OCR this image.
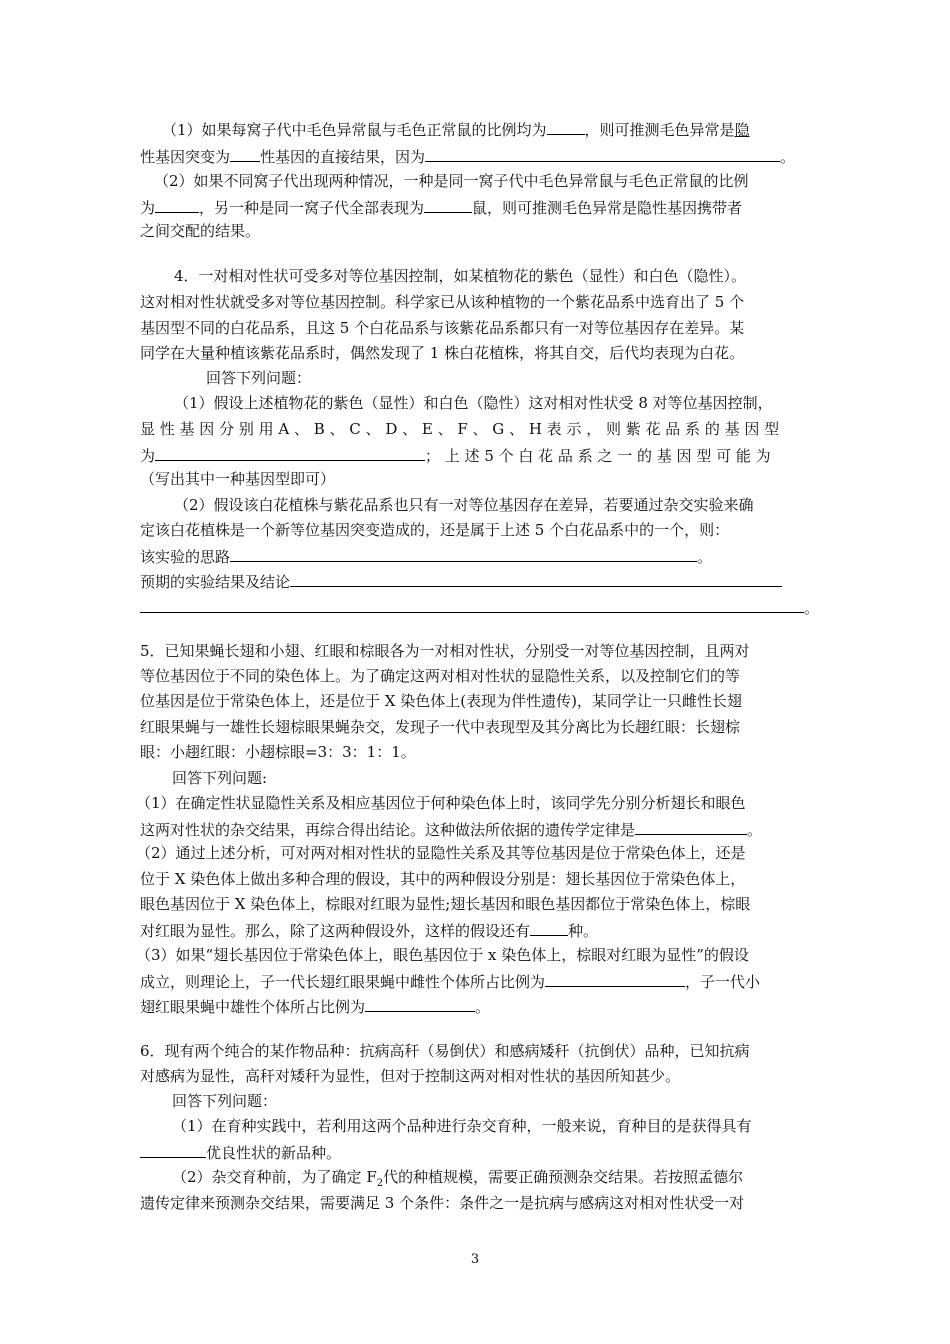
（1）如果每窝子代中毛色异常鼠与毛色正常鼠的比例均为	，则可推测毛色异常是隐
性基因突变为 性基因的直接结果，因为	。
（2）如果不同窝子代出现两种情况，一种是同一窝子代中毛色异常鼠与毛色正常鼠的比例
为	，另一种是同一窝子代全部表现为	鼠，则可推测毛色异常是隐性基因携带者
之间交配的结果。
4．一对相对性状可受多对等位基因控制，如某植物花的紫色（显性）和白色（隐性）。
这对相对性状就受多对等位基因控制。科学家已从该种植物的一个紫花品系中选育出了 5 个
基因型不同的白花品系，且这 5 个白花品系与该紫花品系都只有一对等位基因存在差异。某
同学在大量种植该紫花品系时，偶然发现了 1 株白花植株，将其自交，后代均表现为白花。
回答下列问题：
（1）假设上述植物花的紫色（显性）和白色（隐性）这对相对性状受 8 对等位基因控制，
显 性 基 因 分 别 用 A 、 B 、 C 、 D 、 E 、 F 、 G 、 H 表 示 ， 则 紫 花 品 系 的 基 因 型
为	； 上 述 5 个 白 花 品 系 之 一 的 基 因 型 可 能 为
（写出其中一种基因型即可）
（2）假设该白花植株与紫花品系也只有一对等位基因存在差异，若要通过杂交实验来确
定该白花植株是一个新等位基因突变造成的，还是属于上述 5 个白花品系中的一个，则：
该实验的思路	。
预期的实验结果及结论
。
5．已知果蝇长翅和小翅、红眼和棕眼各为一对相对性状，分别受一对等位基因控制，且两对
等位基因位于不同的染色体上。为了确定这两对相对性状的显隐性关系，以及控制它们的等
位基因是位于常染色体上，还是位于 X 染色体上(表现为伴性遗传)，某同学让一只雌性长翅
红眼果蝇与一雄性长翅棕眼果蝇杂交，发现子一代中表现型及其分离比为长趐红眼：长翅棕
眼：小趐红眼：小趐棕眼=3：3：1：1。
回答下列问题:
（1）在确定性状显隐性关系及相应基因位于何种染色体上时，该同学先分别分析翅长和眼色
这两对性状的杂交结果，再综合得出结论。这种做法所依据的遗传学定律是	。
（2）通过上述分析，可对两对相对性状的显隐性关系及其等位基因是位于常染色体上，还是
位于 X 染色体上做出多种合理的假设，其中的两种假设分别是：翅长基因位于常染色体上，
眼色基因位于 X 染色体上，棕眼对红眼为显性;翅长基因和眼色基因都位于常染色体上，棕眼
对红眼为显性。那么，除了这两种假设外，这样的假设还有	种。
（3）如果“翅长基因位于常染色体上，眼色基因位于 x 染色体上，棕眼对红眼为显性”的假设
成立，则理论上，子一代长翅红眼果蝇中雌性个体所占比例为	，子一代小
翅红眼果蝇中雄性个体所占比例为	。
6．现有两个纯合的某作物品种：抗病高秆（易倒伏）和感病矮秆（抗倒伏）品种，已知抗病
对感病为显性，高秆对矮秆为显性，但对于控制这两对相对性状的基因所知甚少。
回答下列问题：
（1）在育种实践中，若利用这两个品种进行杂交育种，一般来说，育种目的是获得具有
优良性状的新品种。
（2）杂交育种前，为了确定 $F_2$代的种植规模，需要正确预测杂交结果。若按照孟德尔
遗传定律来预测杂交结果，需要满足 3 个条件：条件之一是抗病与感病这对相对性状受一对
3
